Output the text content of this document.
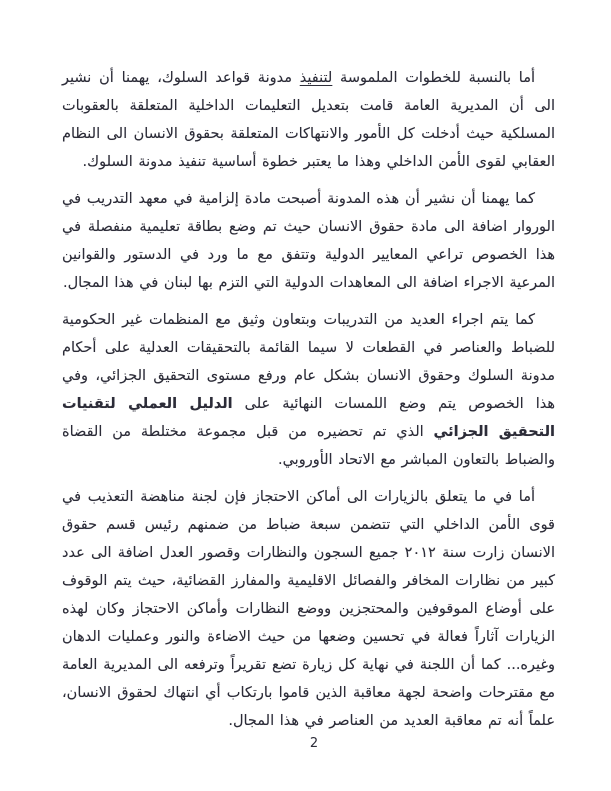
أما بالنسبة للخطوات الملموسة لتنفيذ مدونة قواعد السلوك، يهمنا أن نشير الى أن المديرية العامة قامت بتعديل التعليمات الداخلية المتعلقة بالعقوبات المسلكية حيث أدخلت كل الأمور والانتهاكات المتعلقة بحقوق الانسان الى النظام العقابي لقوى الأمن الداخلي وهذا ما يعتبر خطوة أساسية تنفيذ مدونة السلوك.

كما يهمنا أن نشير أن هذه المدونة أصبحت مادة إلزامية في معهد التدريب في الوروار اضافة الى مادة حقوق الانسان حيث تم وضع بطاقة تعليمية منفصلة في هذا الخصوص تراعي المعايير الدولية وتتفق مع ما ورد في الدستور والقوانين المرعية الاجراء اضافة الى المعاهدات الدولية التي التزم بها لبنان في هذا المجال.

كما يتم اجراء العديد من التدريبات وبتعاون وثيق مع المنظمات غير الحكومية للضباط والعناصر في القطعات لا سيما القائمة بالتحقيقات العدلية على أحكام مدونة السلوك وحقوق الانسان بشكل عام ورفع مستوى التحقيق الجزائي، وفي هذا الخصوص يتم وضع اللمسات النهائية على الدليل العملي لتقنيات التحقيق الجزائي الذي تم تحضيره من قبل مجموعة مختلطة من القضاة والضباط بالتعاون المباشر مع الاتحاد الأوروبي.

أما في ما يتعلق بالزيارات الى أماكن الاحتجاز فإن لجنة مناهضة التعذيب في قوى الأمن الداخلي التي تتضمن سبعة ضباط من ضمنهم رئيس قسم حقوق الانسان زارت سنة ٢٠١٢ جميع السجون والنظارات وقصور العدل اضافة الى عدد كبير من نظارات المخافر والفصائل الاقليمية والمفارز القضائية، حيث يتم الوقوف على أوضاع الموقوفين والمحتجزين ووضع النظارات وأماكن الاحتجاز وكان لهذه الزيارات آثاراً فعالة في تحسين وضعها من حيث الاضاءة والنور وعمليات الدهان وغيره... كما أن اللجنة في نهاية كل زيارة تضع تقريراً وترفعه الى المديرية العامة مع مقترحات واضحة لجهة معاقبة الذين قاموا بارتكاب أي انتهاك لحقوق الانسان، علماً أنه تم معاقبة العديد من العناصر في هذا المجال.

2
